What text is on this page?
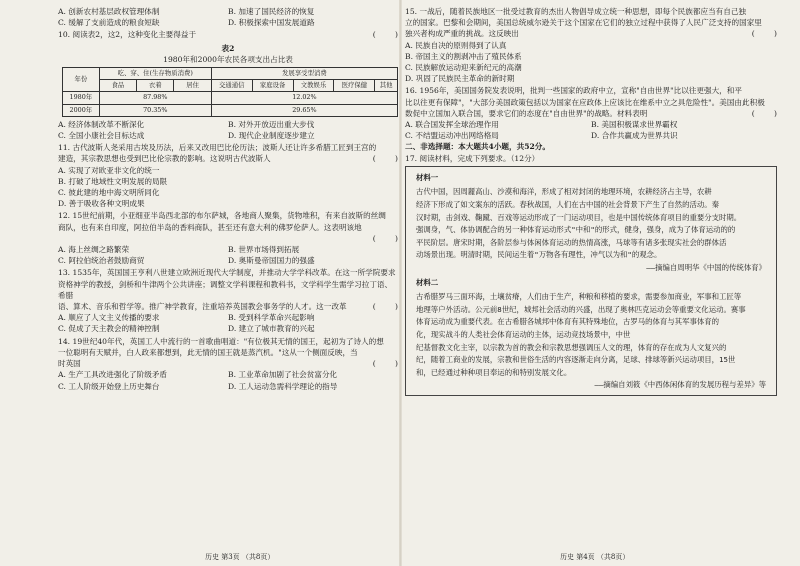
A. 创新农村基层政权管理体制	B. 加速了国民经济的恢复
C. 缓解了支前造成的粮食短缺	D. 积极探索中国发展道路
10. 阅读表2，这2，这种变化主要得益于	(        )
表2
1980年和2000年农民各项支出占比表
年份	吃、穿、住(生存物质消费)			发展享受型消费				
	食品	衣着	居住	交通通信	家庭设备	文教娱乐	医疗保健	其他
1980年	87.98%			12.02%				
2000年	70.35%			29.65%				
A. 经济体制改革不断深化	B. 对外开放迈出重大步伐
C. 全国小康社会目标达成	D. 现代企业制度逐步建立
11. 古代波斯人尧采用古埃及历法，后来又改用巴比伦历法；波斯人还让许多希腊工匠到王宫的
建造，其宗教思想也受到巴比伦宗教的影响。这说明古代波斯人	(        )
A. 实现了对欧亚非文化的统一
B. 打破了地域性文明发展的局限
C. 彼此建的地中海文明所同化
D. 善于吸收各种文明成果
12. 15世纪前期，小亚细亚半岛西北部的布尔萨城，各地商人聚集，货物堆积，有来自波斯的丝绸
商队，也有来自印度，阿拉伯半岛的香料商队，甚至还有意大利的佛罗伦萨人。这表明该地
(        )
A. 海上丝绸之路繁荣	B. 世界市场得到拓展
C. 阿拉伯统治者鼓励商贸	D. 奥斯曼帝国国力的强盛
13. 1535年，英国国王亨利八世建立欧洲近现代大学制度，并推动大学学科改革。在这一所学院要求
资格神学的教授，剑桥和牛津两个公共讲座；调整文学科课程和教科书，文学科学生需学习拉丁语、希腊
语、算术、音乐和哲学等。推广神学教育，注重培养英国教会事务学的人才。这一改革	(        )
A. 顺应了人文主义传播的要求	B. 受到科学革命兴起影响
C. 促成了天主教会的精神控制	D. 建立了城市教育的兴起
14. 19世纪40年代，英国工人中流行的一首歌曲唱道："有位极其无情的国王，起初为了诗人的想
一位聪明有天赋并，白人政来都想到，此无情的国王就是蒸汽机。"这从一个侧面反映，当
时英国	(        )
A. 生产工具改进强化了阶级矛盾	B. 工业革命加剧了社会贫富分化
C. 工人阶级开始登上历史舞台	D. 工人运动急需科学理论的指导
历史 第3页 （共8页）
15. 一战后，随着民族地区一批受过教育的杰出人物倡导成立统一种思想，即每个民族都应当有自己独
立的国家。巴黎和会期间，美国总统威尔逊关于这个国家在它们的独立过程中获得了人民广泛支持的国家里
独兴者构成严重的挑战。这反映出	(        )
A. 民族自决的原则得到了认真
B. 帝国主义的割剥冲击了殖民体系
C. 民族解放运动迎来新纪元的高潮
D. 巩固了民族民主革命的新时期
16. 1956年，美国国务院发表说明，批判一些国家的政府中立，宣称"自由世界"比以往更强大，和平
比以往更有保障"，"大部分美国政策包括以为国家在应政体上应该比在维系中立之具危险性"。美国由此积极
数促中立国加入联合国，要求它们的态度在"自由世界"的战略。材料表明	(        )
A. 联合国发挥全球治理作用	B. 美国积极谋求世界霸权
C. 不结盟运动冲出网络格局	D. 合作共赢成为世界共识
二、非选择题：本大题共4小题，共52分。
17. 阅读材料，完成下列要求。（12分）
材料一
古代中国，因周麗高山、沙漠和海洋，形成了相对封闭的地理环境，农耕经济占主导，农耕
经济下形成了如文案东的活跃。春秋战国，人们在古中国的社会背景下产生了自然的活动。秦
汉时期，击剑戏、鞠蹴、百戏等运动形成了一门运动项目，也是中国传统体育项目的重要分支时期。
强调身，气、体协调配合的另一种体育运动形式"中和"的形式，健身，强身，成为了体育运动的的
平民阶层。唐宋时期，各阶层参与体闲体育运动的热情高涨，马球等有诸多张现实社会的群体活
动场景出现。明清时期，民间运生着"万物各有理性，冲气以为和"的观念。
——摘编自周明华《中国的传统体育》
材料二
古希腊罗马三面环海，土壤贫瘠，人们由于生产，种粮和移植的要求，需要参加商业，军事和工匠等
地理等户外活动。公元前8世纪，城邦社会活动的兴盛，出现了奥林匹克运动会等重要文化运动。赛事
体育运动成为重要代表。在古希腊各城邦中体育有其特殊地位，古罗马的体育与其军事体育的
化，现实战斗的人类社会体育运动的主体，运动竞技场景中，中世
纪基督教文化主宰，以宗教为首的教会和宗教思想强调压人文的理，体育的存在成为人文复兴的
纪，随着工商业的发展，宗教和世俗生活的内容逐渐走向分离，足球、排球等新兴运动项目，15世
和，已经通过种种项目奉运的和特别发展文化。
——摘编自刘筱《中西体闲体育的发展历程与差异》等
历史 第4页 （共8页）
